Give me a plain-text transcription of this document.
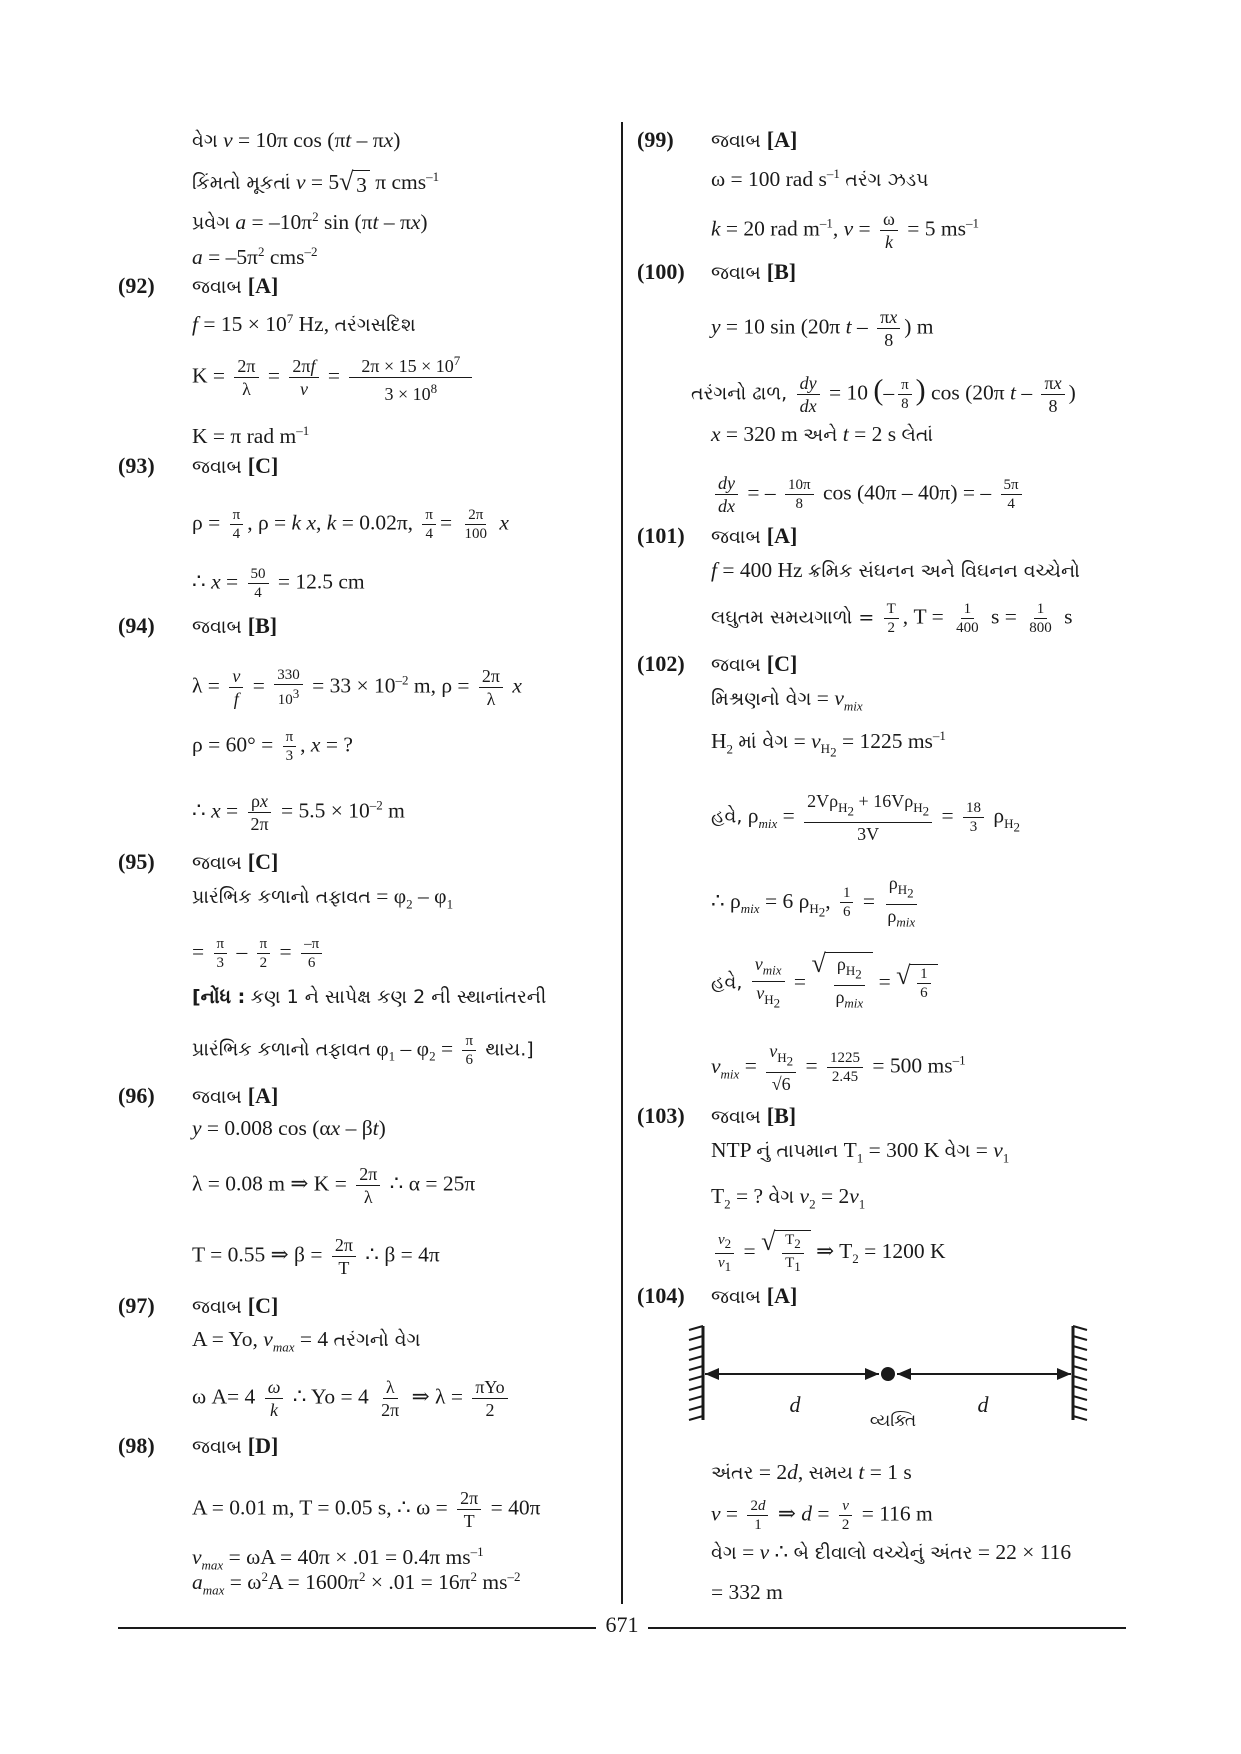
વેગ v = 10π cos (πt – πx)
કિંમતો મૂકતાં v = 5 √ 3 π cms$^{-1}$
પ્રવેગ $a = -10\pi^2$ sin (πt – πx)
$a = -5\pi^2$ cms$^{-2}$
(92) જવાબ [A]
$f = 15 \times 10^7$ Hz, તરંગસદિશ
$K = \frac{2\pi}{\lambda} = \frac{2\pi f}{v} = \frac{2\pi \times 15 \times 10^7}{3 \times 10^8}$
K = π rad $m^{-1}$
(93) જવાબ [C]
$\rho = \frac{\pi}{4}$ , ρ = k x, k = 0.02π, $\frac{\pi}{4} = \frac{2\pi}{100}$ x
∴ $x = \frac{50}{4} = 12.5$ cm
(94) જવાબ [B]
$\lambda = \frac{v}{f} = \frac{330}{10^3} = 33 \times 10^{-2}$ m, $\rho = \frac{2\pi}{\lambda}$ x
$\rho = 60^\circ = \frac{\pi}{3}$ , x = ?
∴ $x = \frac{\rho x}{2\pi} = 5.5 \times 10^{-2}$ m
(95) જવાબ [C]
પ્રારંભિક કળાનો તફાવત = $\varphi_2 - \varphi_1$
= $\frac{\pi}{3} - \frac{\pi}{2} = \frac{-\pi}{6}$
[નોંધ : કણ 1 ને સાપેક્ષ કણ 2 ની સ્થાનાંતરની
પ્રારંભિક કળાનો તફાવત $\varphi_1 - \varphi_2 = \frac{\pi}{6}$ થાય.]
(96) જવાબ [A]
y = 0.008 cos (αx – βt)
λ = 0.08 m ⇒ $K = \frac{2\pi}{\lambda}$ ∴ α = 25π
T = 0.55 ⇒ $\beta = \frac{2\pi}{T}$ ∴ β = 4π
(97) જવાબ [C]
A = Yo, $v_{max} = 4$ તરંગનો વેગ
ω $A= 4 \frac{\omega}{k}$ ∴ $Yo = 4 \frac{\lambda}{2\pi}$ ⇒ $\lambda = \frac{\text{πYo}}{2}$
(98) જવાબ [D]
A = 0.01 m, T = 0.05 s, ∴ $\omega = \frac{2\pi}{T} = 40\pi$
$v_{max} = \omega A = 40\pi \times .01 = 0.4\pi$ $ms^{-1}$
$a_{max} = \omega^2A = 1600\pi^2 \times .01 = 16\pi^2$ $ms^{-2}$
(99) જવાબ [A]
ω = 100 rad $s^{-1}$ તરંગ ઝડપ
k = 20 rad $m^{-1}$, $v = \frac{\omega}{k} = 5$ $ms^{-1}$
(100) જવાબ [B]
y = 10 sin (20π t – $\frac{\pi x}{8}$ ) m
તરંગનો ઢાળ, $\frac{dy}{dx} = 10$ (– $\frac{\pi}{8}$ ) cos (20π t – $\frac{\pi x}{8}$ )
x = 320 m અને t = 2 s લેતાં
$\frac{dy}{dx}$ = – $\frac{10\pi}{8}$ cos (40π – 40π) = – $\frac{5\pi}{4}$
(101) જવાબ [A]
f = 400 Hz ક્રમિક સંઘનન અને વિઘનન વચ્ચેનો
લઘુતમ સમયગાળો = $\frac{T}{2}$ , $T = \frac{1}{400}$ $s = \frac{1}{800}$ s
(102) જવાબ [C]
મિશ્રણનો વેગ = $v_{mix}$
$H_2$ માં વેગ = $v_{H_2} = 1225$ $ms^{-1}$
હવે, $\rho_{mix} = \frac{2V\rho_{H_2} + 16V\rho_{H_2}}{3V} = \frac{18}{3} \rho_{H_2}$
∴ $\rho_{mix} = 6$ $\rho_{H_2}$, $\frac{1}{6} = \frac{\rho_{H_2}}{\rho_{mix}}$
હવે, $\frac{v_{mix}}{v_{H_2}}$ = √ $\frac{\rho_{H_2}}{\rho_{mix}}$ = √ $\frac{1}{6}$
$v_{mix} = \frac{v_{H_2}}{√6} = \frac{1225}{2.45} = 500$ $ms^{-1}$
(103) જવાબ [B]
NTP નું તાપમાન $T_1 = 300$ K વેગ = $v_1$
$T_2$ = ? વેગ $v_2 = 2v_1$
$\frac{v_2}{v_1}$ = √ $\frac{T_2}{T_1}$ ⇒ $T_2 = 1200$ K
(104) જવાબ [A]
d	d
વ્યક્તિ
અંતર = 2d, સમય t = 1 s
$v = \frac{2d}{1}$ ⇒ $d = \frac{v}{2} = 116$ m
વેગ = v ∴ બે દીવાલો વચ્ચેનું અંતર = 22 × 116
= 332 m
671
